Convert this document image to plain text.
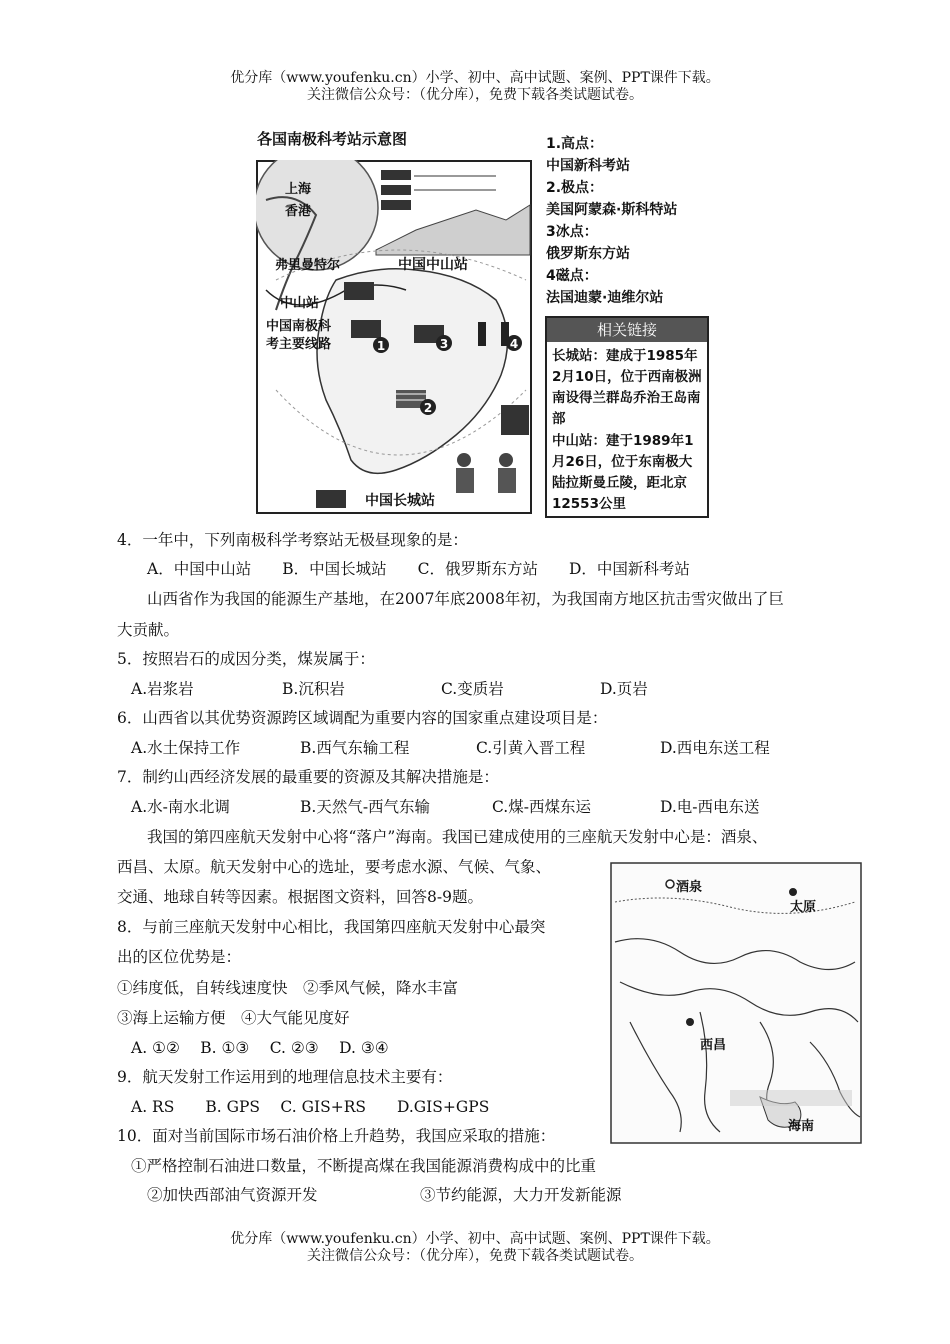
优分库（www.youfenku.cn）小学、初中、高中试题、案例、PPT课件下载。
关注微信公众号：（优分库），免费下载各类试题试卷。
各国南极科考站示意图
1
2
3	4
上海
香港
弗里曼特尔	中国中山站
中山站
中国南极科
考主要线路
中国长城站
1.高点：
中国新科考站
2.极点：
美国阿蒙森·斯科特站
3冰点：
俄罗斯东方站
4磁点：
法国迪蒙·迪维尔站
相关链接
长城站：建成于1985年2月10日，位于西南极洲南设得兰群岛乔治王岛南部
中山站：建于1989年1月26日，位于东南极大陆拉斯曼丘陵，距北京12553公里
4．一年中，下列南极科学考察站无极昼现象的是：
A．中国中山站　　B．中国长城站　　C．俄罗斯东方站　　D．中国新科考站
山西省作为我国的能源生产基地，在2007年底2008年初，为我国南方地区抗击雪灾做出了巨
大贡献。
5．按照岩石的成因分类，煤炭属于：
A.岩浆岩	B.沉积岩	C.变质岩	D.页岩
6．山西省以其优势资源跨区域调配为重要内容的国家重点建设项目是：
A.水土保持工作	B.西气东输工程	C.引黄入晋工程	D.西电东送工程
7．制约山西经济发展的最重要的资源及其解决措施是：
A.水-南水北调	B.天然气-西气东输	C.煤-西煤东运	D.电-西电东送
我国的第四座航天发射中心将“落户”海南。我国已建成使用的三座航天发射中心是：酒泉、
西昌、太原。航天发射中心的选址，要考虑水源、气候、气象、
交通、地球自转等因素。根据图文资料，回答8-9题。
8．与前三座航天发射中心相比，我国第四座航天发射中心最突
出的区位优势是：
①纬度低，自转线速度快　②季风气候，降水丰富
③海上运输方便　④大气能见度好
A. ①②　 B. ①③　 C. ②③　 D. ③④
9．航天发射工作运用到的地理信息技术主要有：
A. RS　　B. GPS　 C. GIS+RS　　D.GIS+GPS
10．面对当前国际市场石油价格上升趋势，我国应采取的措施：
①严格控制石油进口数量，不断提高煤在我国能源消费构成中的比重
②加快西部油气资源开发	③节约能源，大力开发新能源
酒泉
太原
西昌
海南
优分库（www.youfenku.cn）小学、初中、高中试题、案例、PPT课件下载。
关注微信公众号：（优分库），免费下载各类试题试卷。
